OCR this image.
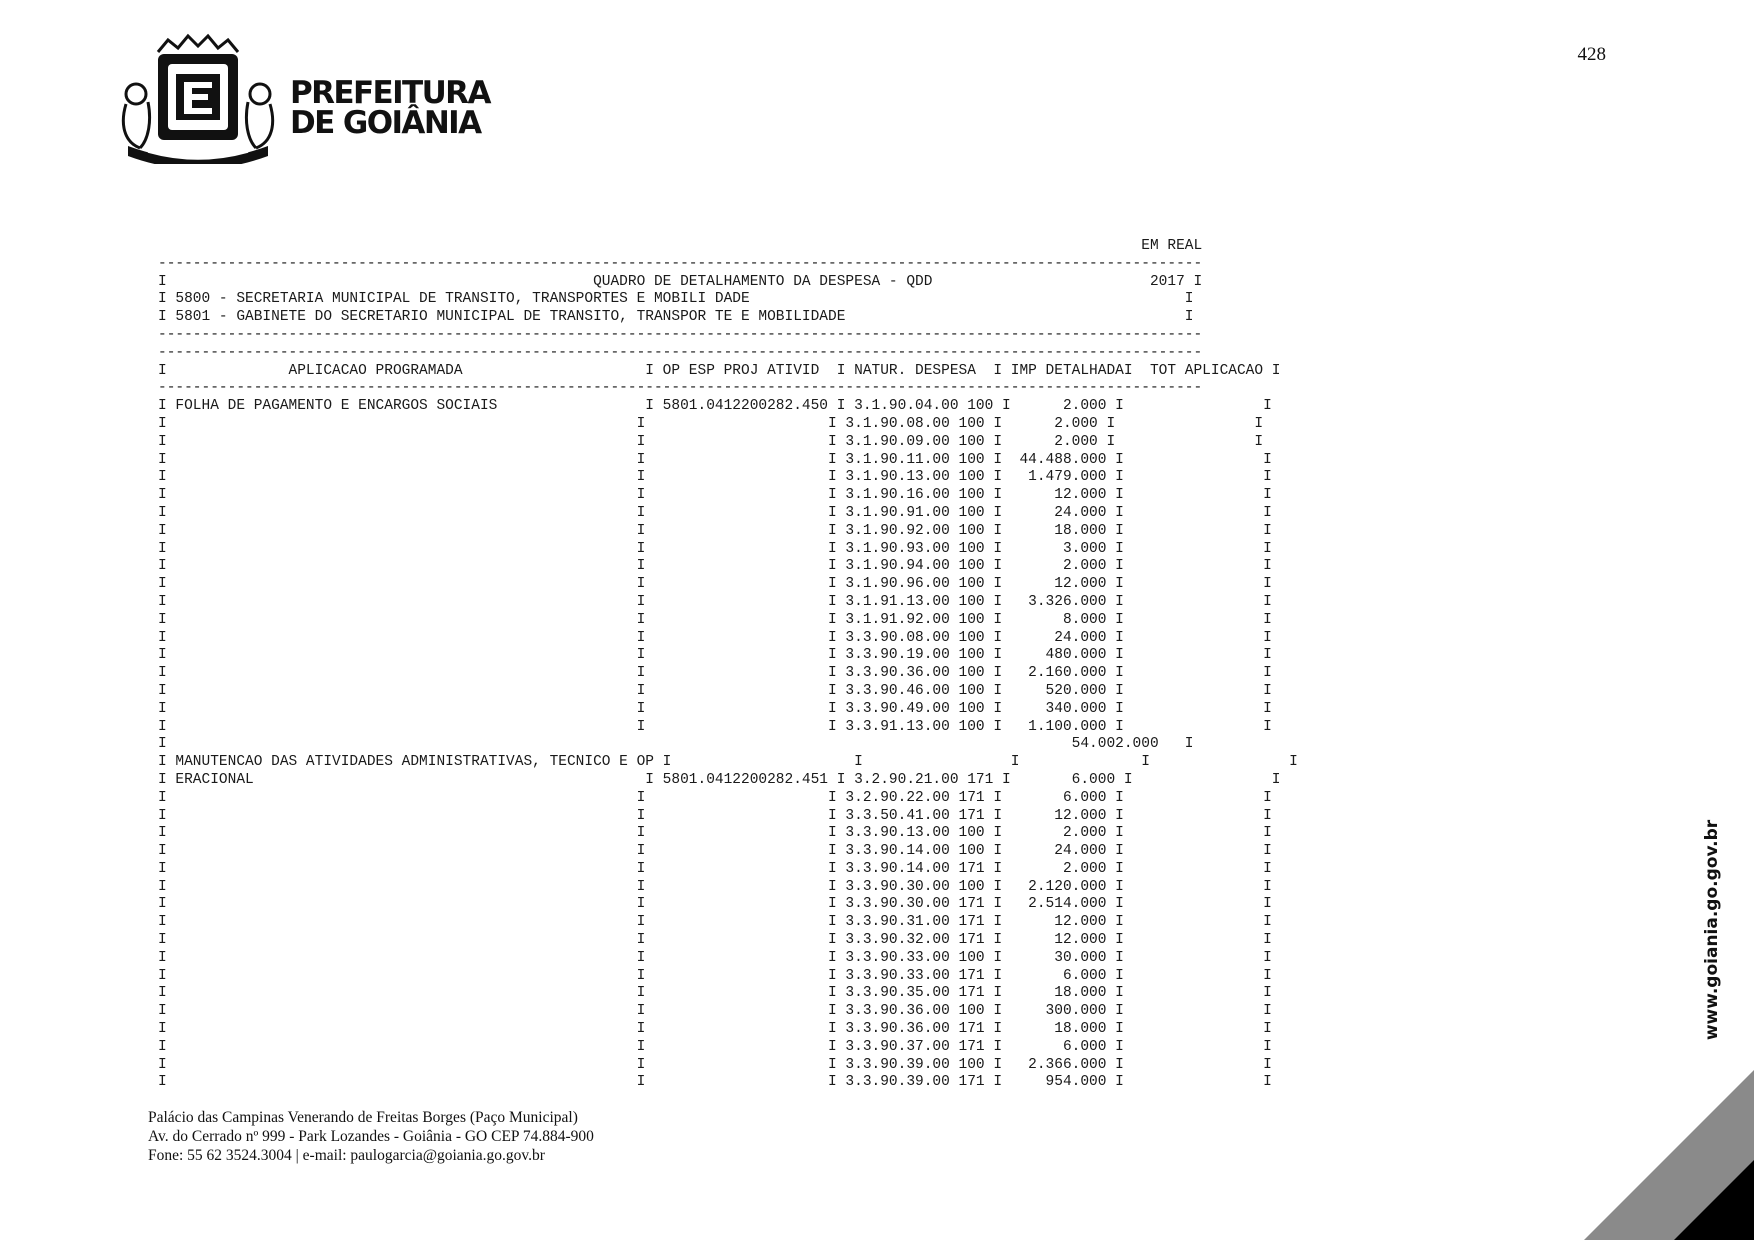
PREFEITURA
DE GOIÂNIA
428
EM REAL
------------------------------------------------------------------------------------------------------------------------
I                                                 QUADRO DE DETALHAMENTO DA DESPESA - QDD                         2017 I
I 5800 - SECRETARIA MUNICIPAL DE TRANSITO, TRANSPORTES E MOBILI DADE                                                  I
I 5801 - GABINETE DO SECRETARIO MUNICIPAL DE TRANSITO, TRANSPOR TE E MOBILIDADE                                       I
------------------------------------------------------------------------------------------------------------------------
------------------------------------------------------------------------------------------------------------------------
I              APLICACAO PROGRAMADA                     I OP ESP PROJ ATIVID  I NATUR. DESPESA  I IMP DETALHADAI  TOT APLICACAO I
------------------------------------------------------------------------------------------------------------------------
I FOLHA DE PAGAMENTO E ENCARGOS SOCIAIS                 I 5801.0412200282.450 I 3.1.90.04.00 100 I      2.000 I                I
I                                                      I                     I 3.1.90.08.00 100 I      2.000 I                I
I                                                      I                     I 3.1.90.09.00 100 I      2.000 I                I
I                                                      I                     I 3.1.90.11.00 100 I  44.488.000 I                I
I                                                      I                     I 3.1.90.13.00 100 I   1.479.000 I                I
I                                                      I                     I 3.1.90.16.00 100 I      12.000 I                I
I                                                      I                     I 3.1.90.91.00 100 I      24.000 I                I
I                                                      I                     I 3.1.90.92.00 100 I      18.000 I                I
I                                                      I                     I 3.1.90.93.00 100 I       3.000 I                I
I                                                      I                     I 3.1.90.94.00 100 I       2.000 I                I
I                                                      I                     I 3.1.90.96.00 100 I      12.000 I                I
I                                                      I                     I 3.1.91.13.00 100 I   3.326.000 I                I
I                                                      I                     I 3.1.91.92.00 100 I       8.000 I                I
I                                                      I                     I 3.3.90.08.00 100 I      24.000 I                I
I                                                      I                     I 3.3.90.19.00 100 I     480.000 I                I
I                                                      I                     I 3.3.90.36.00 100 I   2.160.000 I                I
I                                                      I                     I 3.3.90.46.00 100 I     520.000 I                I
I                                                      I                     I 3.3.90.49.00 100 I     340.000 I                I
I                                                      I                     I 3.3.91.13.00 100 I   1.100.000 I                I
I                                                                                                        54.002.000   I
I MANUTENCAO DAS ATIVIDADES ADMINISTRATIVAS, TECNICO E OP I                     I                 I              I                I
I ERACIONAL                                             I 5801.0412200282.451 I 3.2.90.21.00 171 I       6.000 I                I
I                                                      I                     I 3.2.90.22.00 171 I       6.000 I                I
I                                                      I                     I 3.3.50.41.00 171 I      12.000 I                I
I                                                      I                     I 3.3.90.13.00 100 I       2.000 I                I
I                                                      I                     I 3.3.90.14.00 100 I      24.000 I                I
I                                                      I                     I 3.3.90.14.00 171 I       2.000 I                I
I                                                      I                     I 3.3.90.30.00 100 I   2.120.000 I                I
I                                                      I                     I 3.3.90.30.00 171 I   2.514.000 I                I
I                                                      I                     I 3.3.90.31.00 171 I      12.000 I                I
I                                                      I                     I 3.3.90.32.00 171 I      12.000 I                I
I                                                      I                     I 3.3.90.33.00 100 I      30.000 I                I
I                                                      I                     I 3.3.90.33.00 171 I       6.000 I                I
I                                                      I                     I 3.3.90.35.00 171 I      18.000 I                I
I                                                      I                     I 3.3.90.36.00 100 I     300.000 I                I
I                                                      I                     I 3.3.90.36.00 171 I      18.000 I                I
I                                                      I                     I 3.3.90.37.00 171 I       6.000 I                I
I                                                      I                     I 3.3.90.39.00 100 I   2.366.000 I                I
I                                                      I                     I 3.3.90.39.00 171 I     954.000 I                I
Palácio das Campinas Venerando de Freitas Borges (Paço Municipal)
Av. do Cerrado nº 999 - Park Lozandes - Goiânia - GO CEP 74.884-900
Fone: 55 62 3524.3004 | e-mail: paulogarcia@goiania.go.gov.br
www.goiania.go.gov.br
